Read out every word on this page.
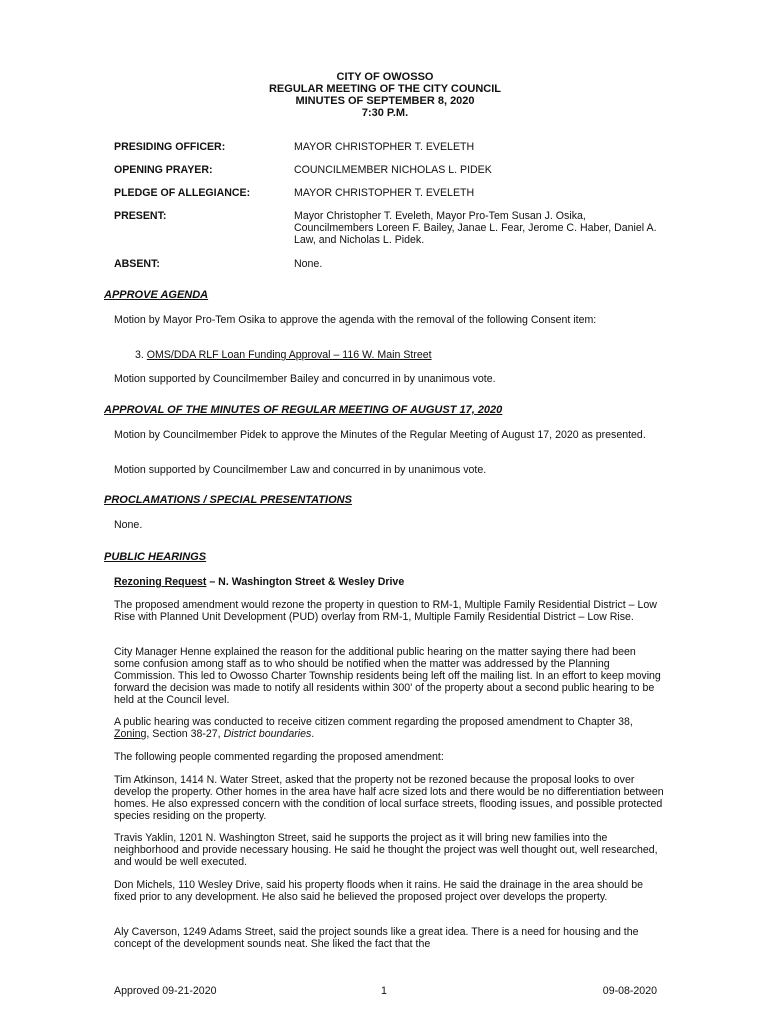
CITY OF OWOSSO
REGULAR MEETING OF THE CITY COUNCIL
MINUTES OF SEPTEMBER 8, 2020
7:30 P.M.
PRESIDING OFFICER:	MAYOR CHRISTOPHER T. EVELETH
OPENING PRAYER:	COUNCILMEMBER NICHOLAS L. PIDEK
PLEDGE OF ALLEGIANCE:	MAYOR CHRISTOPHER T. EVELETH
PRESENT:	Mayor Christopher T. Eveleth, Mayor Pro-Tem Susan J. Osika, Councilmembers Loreen F. Bailey, Janae L. Fear, Jerome C. Haber, Daniel A. Law, and Nicholas L. Pidek.
ABSENT:	None.
APPROVE AGENDA
Motion by Mayor Pro-Tem Osika to approve the agenda with the removal of the following Consent item:
3. OMS/DDA RLF Loan Funding Approval – 116 W. Main Street
Motion supported by Councilmember Bailey and concurred in by unanimous vote.
APPROVAL OF THE MINUTES OF REGULAR MEETING OF AUGUST 17, 2020
Motion by Councilmember Pidek to approve the Minutes of the Regular Meeting of August 17, 2020 as presented.
Motion supported by Councilmember Law and concurred in by unanimous vote.
PROCLAMATIONS / SPECIAL PRESENTATIONS
None.
PUBLIC HEARINGS
Rezoning Request – N. Washington Street & Wesley Drive
The proposed amendment would rezone the property in question to RM-1, Multiple Family Residential District – Low Rise with Planned Unit Development (PUD) overlay from RM-1, Multiple Family Residential District – Low Rise.
City Manager Henne explained the reason for the additional public hearing on the matter saying there had been some confusion among staff as to who should be notified when the matter was addressed by the Planning Commission. This led to Owosso Charter Township residents being left off the mailing list. In an effort to keep moving forward the decision was made to notify all residents within 300' of the property about a second public hearing to be held at the Council level.
A public hearing was conducted to receive citizen comment regarding the proposed amendment to Chapter 38, Zoning, Section 38-27, District boundaries.
The following people commented regarding the proposed amendment:
Tim Atkinson, 1414 N. Water Street, asked that the property not be rezoned because the proposal looks to over develop the property. Other homes in the area have half acre sized lots and there would be no differentiation between homes. He also expressed concern with the condition of local surface streets, flooding issues, and possible protected species residing on the property.
Travis Yaklin, 1201 N. Washington Street, said he supports the project as it will bring new families into the neighborhood and provide necessary housing. He said he thought the project was well thought out, well researched, and would be well executed.
Don Michels, 110 Wesley Drive, said his property floods when it rains. He said the drainage in the area should be fixed prior to any development. He also said he believed the proposed project over develops the property.
Aly Caverson, 1249 Adams Street, said the project sounds like a great idea. There is a need for housing and the concept of the development sounds neat. She liked the fact that the
Approved 09-21-2020	1	09-08-2020
